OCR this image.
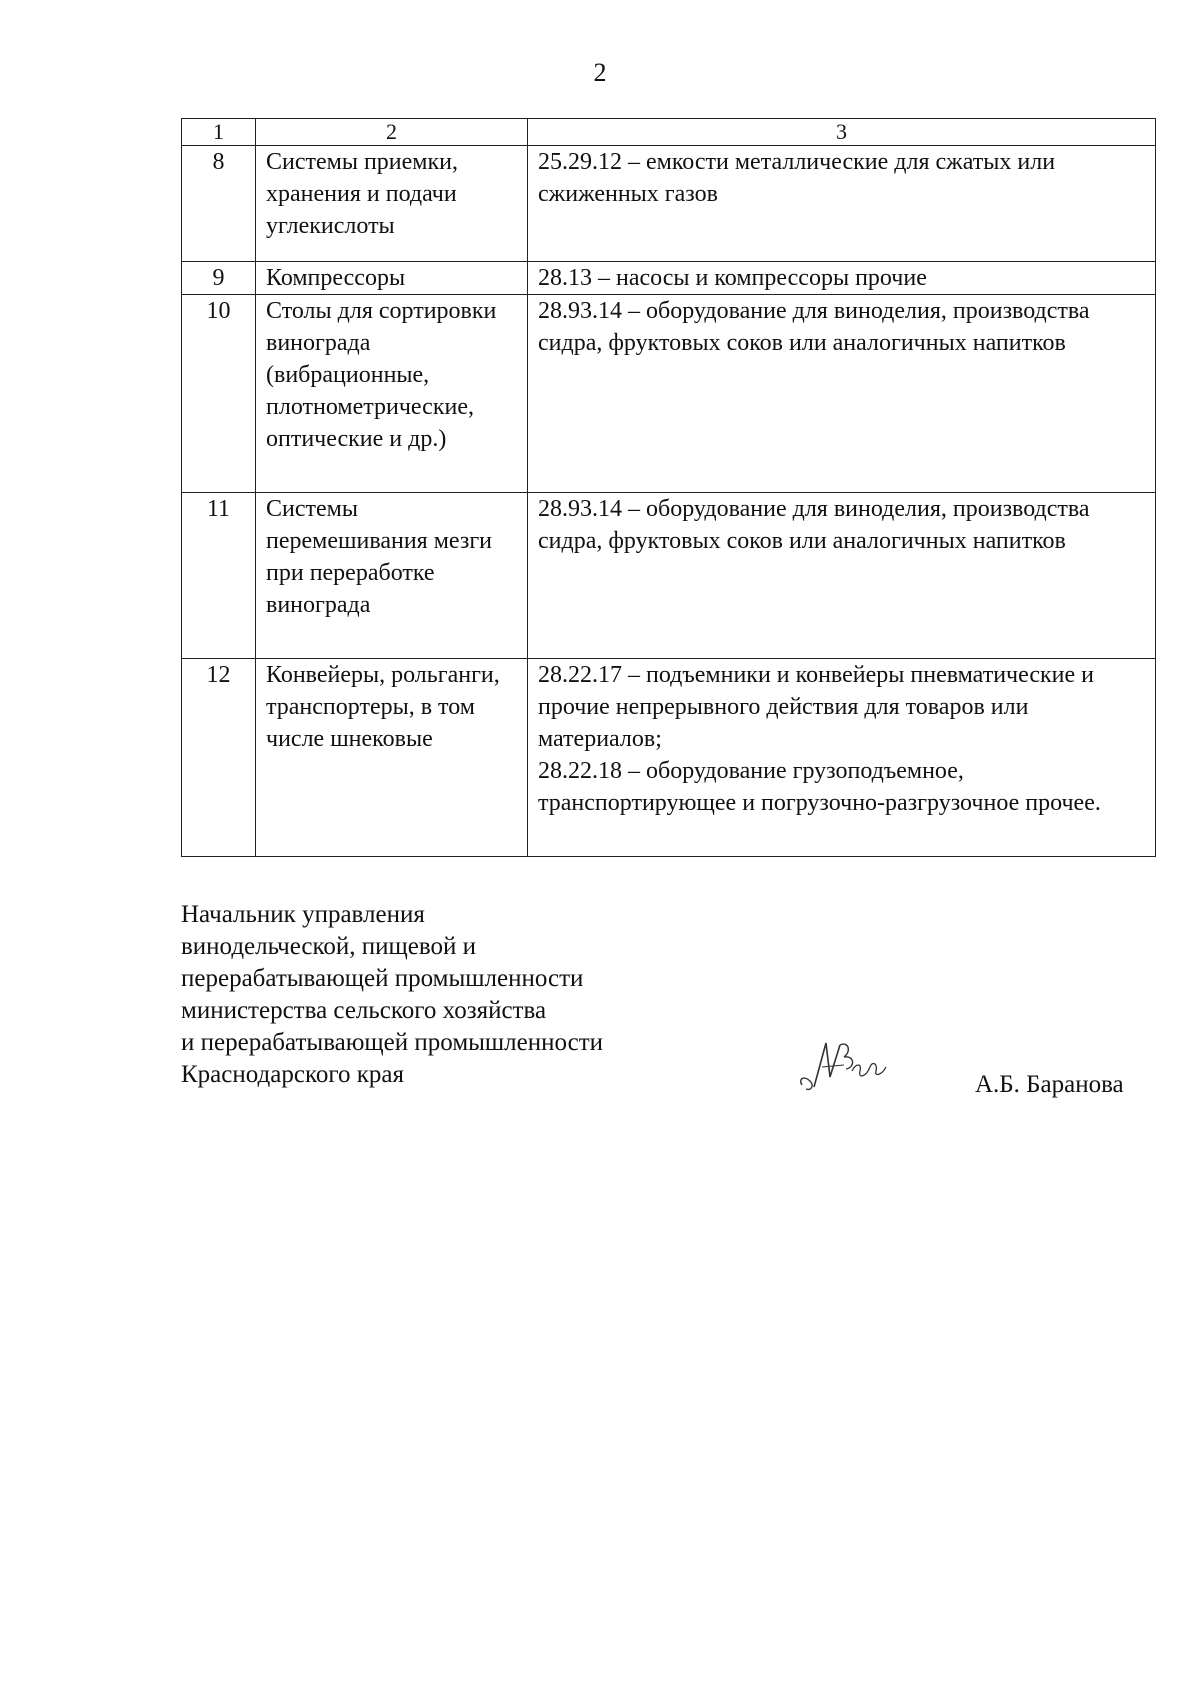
2
1	2	3
8	Системы приемки, хранения и подачи углекислоты	25.29.12 – емкости металлические для сжатых или сжиженных газов
9	Компрессоры	28.13 – насосы и компрессоры прочие
10	Столы для сортировки винограда (вибрационные, плотнометрические, оптические и др.)	28.93.14 – оборудование для виноделия, производства сидра, фруктовых соков или аналогичных напитков
11	Системы перемешивания мезги при переработке винограда	28.93.14 – оборудование для виноделия, производства сидра, фруктовых соков или аналогичных напитков
12	Конвейеры, рольганги, транспортеры, в том числе шнековые	28.22.17 – подъемники и конвейеры пневматические и прочие непрерывного действия для товаров или материалов;
28.22.18 – оборудование грузоподъемное, транспортирующее и погрузочно-разгрузочное прочее.
Начальник управления
винодельческой, пищевой и
перерабатывающей промышленности
министерства сельского хозяйства
и перерабатывающей промышленности
Краснодарского края	А.Б. Баранова
